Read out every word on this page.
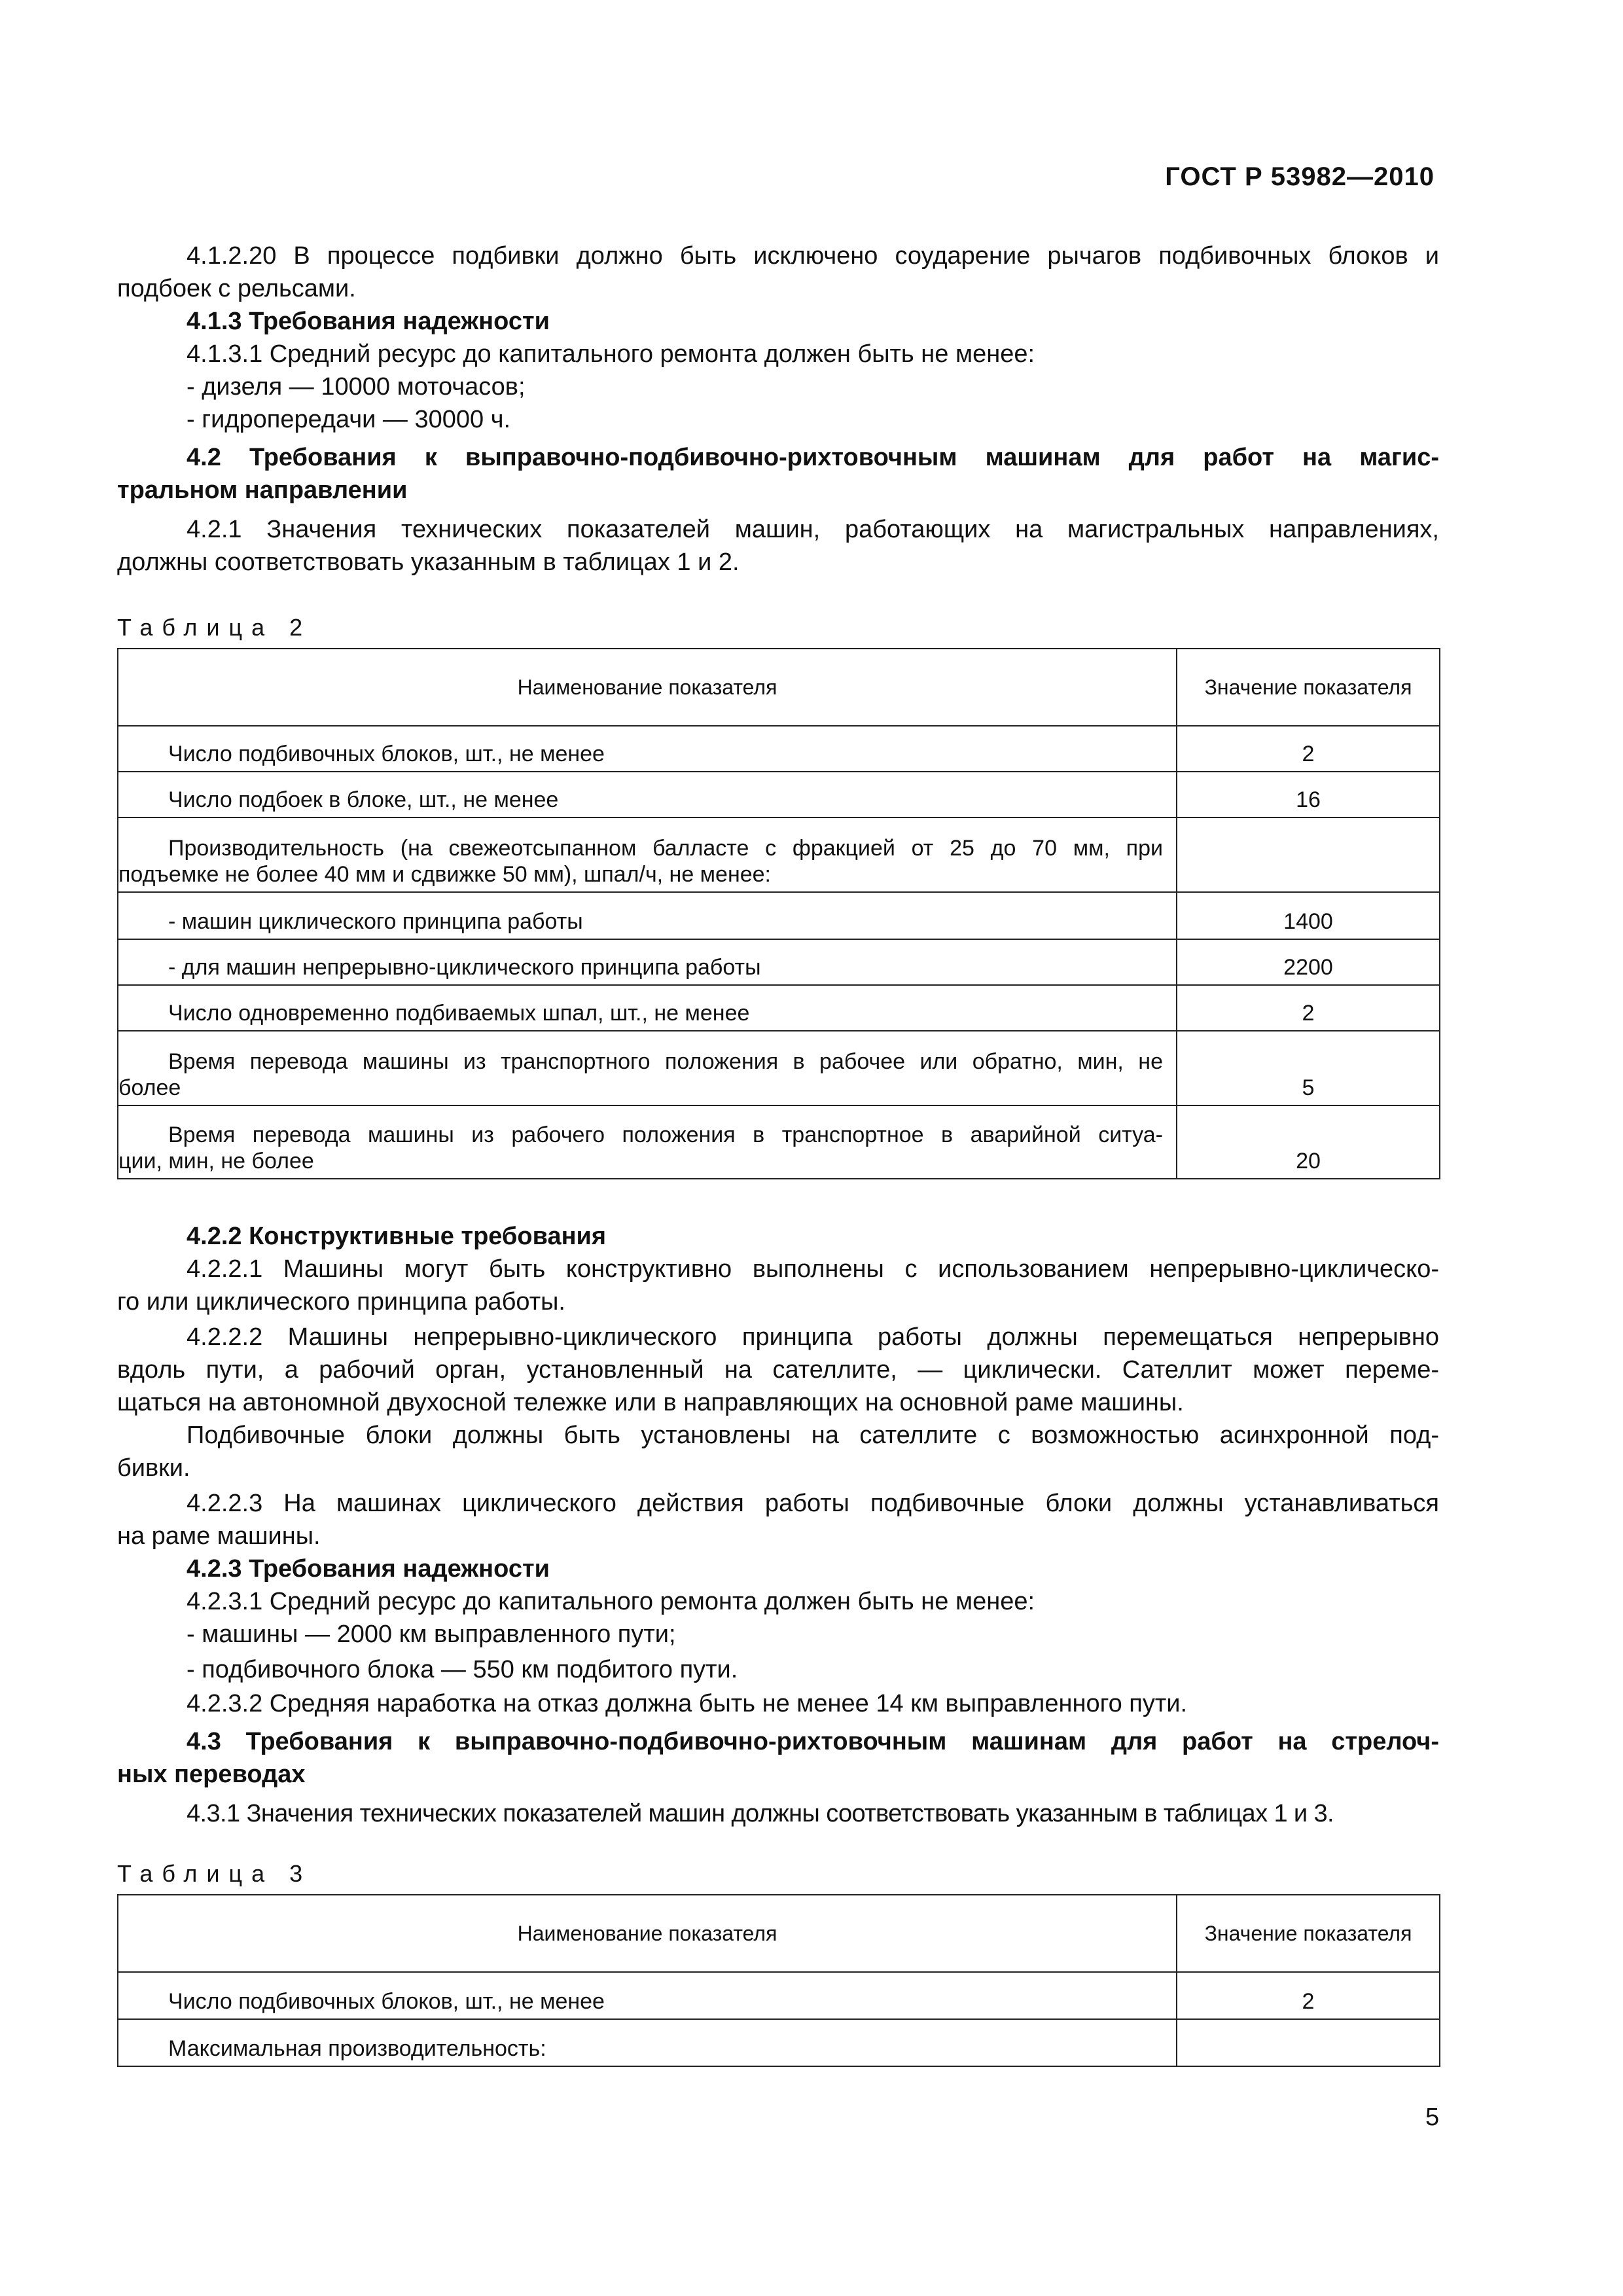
ГОСТ Р 53982—2010
4.1.2.20 В процессе подбивки должно быть исключено соударение рычагов подбивочных блоков и
подбоек с рельсами.
4.1.3 Требования надежности
4.1.3.1 Средний ресурс до капитального ремонта должен быть не менее:
- дизеля — 10000 моточасов;
- гидропередачи — 30000 ч.
4.2 Требования к выправочно-подбивочно-рихтовочным машинам для работ на магис-
тральном направлении
4.2.1 Значения технических показателей машин, работающих на магистральных направлениях,
должны соответствовать указанным в таблицах 1 и 2.
Таблица 2
Наименование показателя	Значение показателя
Число подбивочных блоков, шт., не менее	2
Число подбоек в блоке, шт., не менее	16

Производительность (на свежеотсыпанном балласте с фракцией от 25 до 70 мм, при
подъемке не более 40 мм и сдвижке 50 мм), шпал/ч, не менее:	

- машин циклического принципа работы	1400
- для машин непрерывно-циклического принципа работы	2200
Число одновременно подбиваемых шпал, шт., не менее	2

Время перевода машины из транспортного положения в рабочее или обратно, мин, не
более	5

Время перевода машины из рабочего положения в транспортное в аварийной ситуа-
ции, мин, не более	20
4.2.2 Конструктивные требования
4.2.2.1 Машины могут быть конструктивно выполнены с использованием непрерывно-циклическо-
го или циклического принципа работы.
4.2.2.2 Машины непрерывно-циклического принципа работы должны перемещаться непрерывно
вдоль пути, а рабочий орган, установленный на сателлите, — циклически. Сателлит может переме-
щаться на автономной двухосной тележке или в направляющих на основной раме машины.
Подбивочные блоки должны быть установлены на сателлите с возможностью асинхронной под-
бивки.
4.2.2.3 На машинах циклического действия работы подбивочные блоки должны устанавливаться
на раме машины.
4.2.3 Требования надежности
4.2.3.1 Средний ресурс до капитального ремонта должен быть не менее:
- машины — 2000 км выправленного пути;
- подбивочного блока — 550 км подбитого пути.
4.2.3.2 Средняя наработка на отказ должна быть не менее 14 км выправленного пути.
4.3 Требования к выправочно-подбивочно-рихтовочным машинам для работ на стрелоч-
ных переводах
4.3.1 Значения технических показателей машин должны соответствовать указанным в таблицах 1 и 3.
Таблица 3
Наименование показателя	Значение показателя
Число подбивочных блоков, шт., не менее	2
Максимальная производительность:	
5
